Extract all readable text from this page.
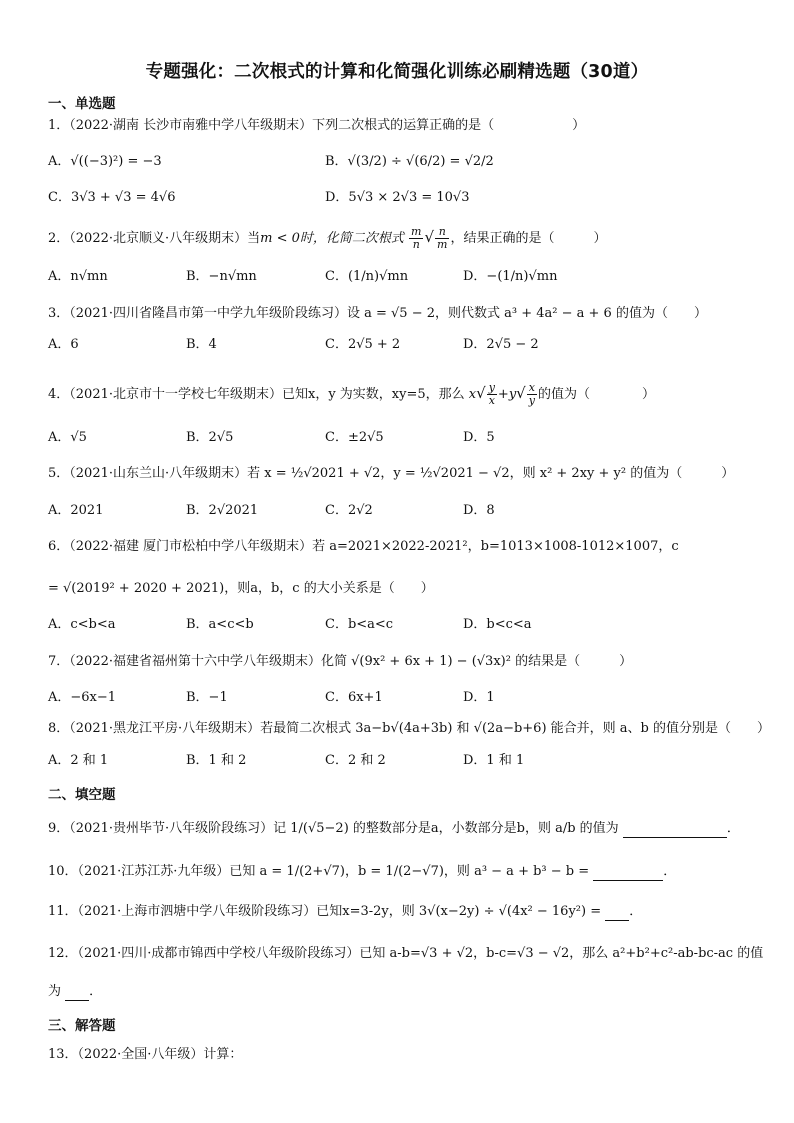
专题强化：二次根式的计算和化简强化训练必刷精选题（30道）
一、单选题
1．（2022·湖南 长沙市南雅中学八年级期末）下列二次根式的运算正确的是（　　　　　　）
A．√((−3)²) = −3	B．√(3/2) ÷ √(6/2) = √2/2
C．3√3 + √3 = 4√6	D．5√3 × 2√3 = 10√3
2．（2022·北京顺义·八年级期末）当m < 0时，化简二次根式 $\frac{m}{n}$ √ $\frac{n}{m}$ ，结果正确的是（　　　）
A．n√mn	B．−n√mn	C．(1/n)√mn	D．−(1/n)√mn
3．（2021·四川省隆昌市第一中学九年级阶段练习）设 a = √5 − 2，则代数式 a³ + 4a² − a + 6 的值为（　　）
A．6	B．4	C．2√5 + 2	D．2√5 − 2
4．（2021·北京市十一学校七年级期末）已知x，y 为实数，xy=5，那么 $x√ \frac{y}{x} +y√ \frac{x}{y}$ 的值为（　　　　）
A．√5	B．2√5	C．±2√5	D．5
5．（2021·山东兰山·八年级期末）若 x = ½√2021 + √2，y = ½√2021 − √2，则 x² + 2xy + y² 的值为（　　　）
A．2021	B．2√2021	C．2√2	D．8
6．（2022·福建 厦门市松柏中学八年级期末）若 a=2021×2022-2021²，b=1013×1008-1012×1007，c
= √(2019² + 2020 + 2021)，则a，b，c 的大小关系是（　　）
A．c<b<a	B．a<c<b	C．b<a<c	D．b<c<a
7．（2022·福建省福州第十六中学八年级期末）化简 √(9x² + 6x + 1) − (√3x)² 的结果是（　　　）
A．−6x−1	B．−1	C．6x+1	D．1
8．（2021·黑龙江平房·八年级期末）若最简二次根式 3a−b√(4a+3b) 和 √(2a−b+6) 能合并，则 a、b 的值分别是（　　）
A．2 和 1	B．1 和 2	C．2 和 2	D．1 和 1
二、填空题
9．（2021·贵州毕节·八年级阶段练习）记 1/(√5−2) 的整数部分是a，小数部分是b，则 a/b 的值为	．
10．（2021·江苏江苏·九年级）已知 a = 1/(2+√7)，b = 1/(2−√7)，则 a³ − a + b³ − b =	．
11．（2021·上海市泗塘中学八年级阶段练习）已知x=3-2y，则 3√(x−2y) ÷ √(4x² − 16y²) = ．
12．（2021·四川·成都市锦西中学校八年级阶段练习）已知 a-b=√3 + √2，b-c=√3 − √2，那么 a²+b²+c²-ab-bc-ac 的值
为 ．
三、解答题
13．（2022·全国·八年级）计算：
